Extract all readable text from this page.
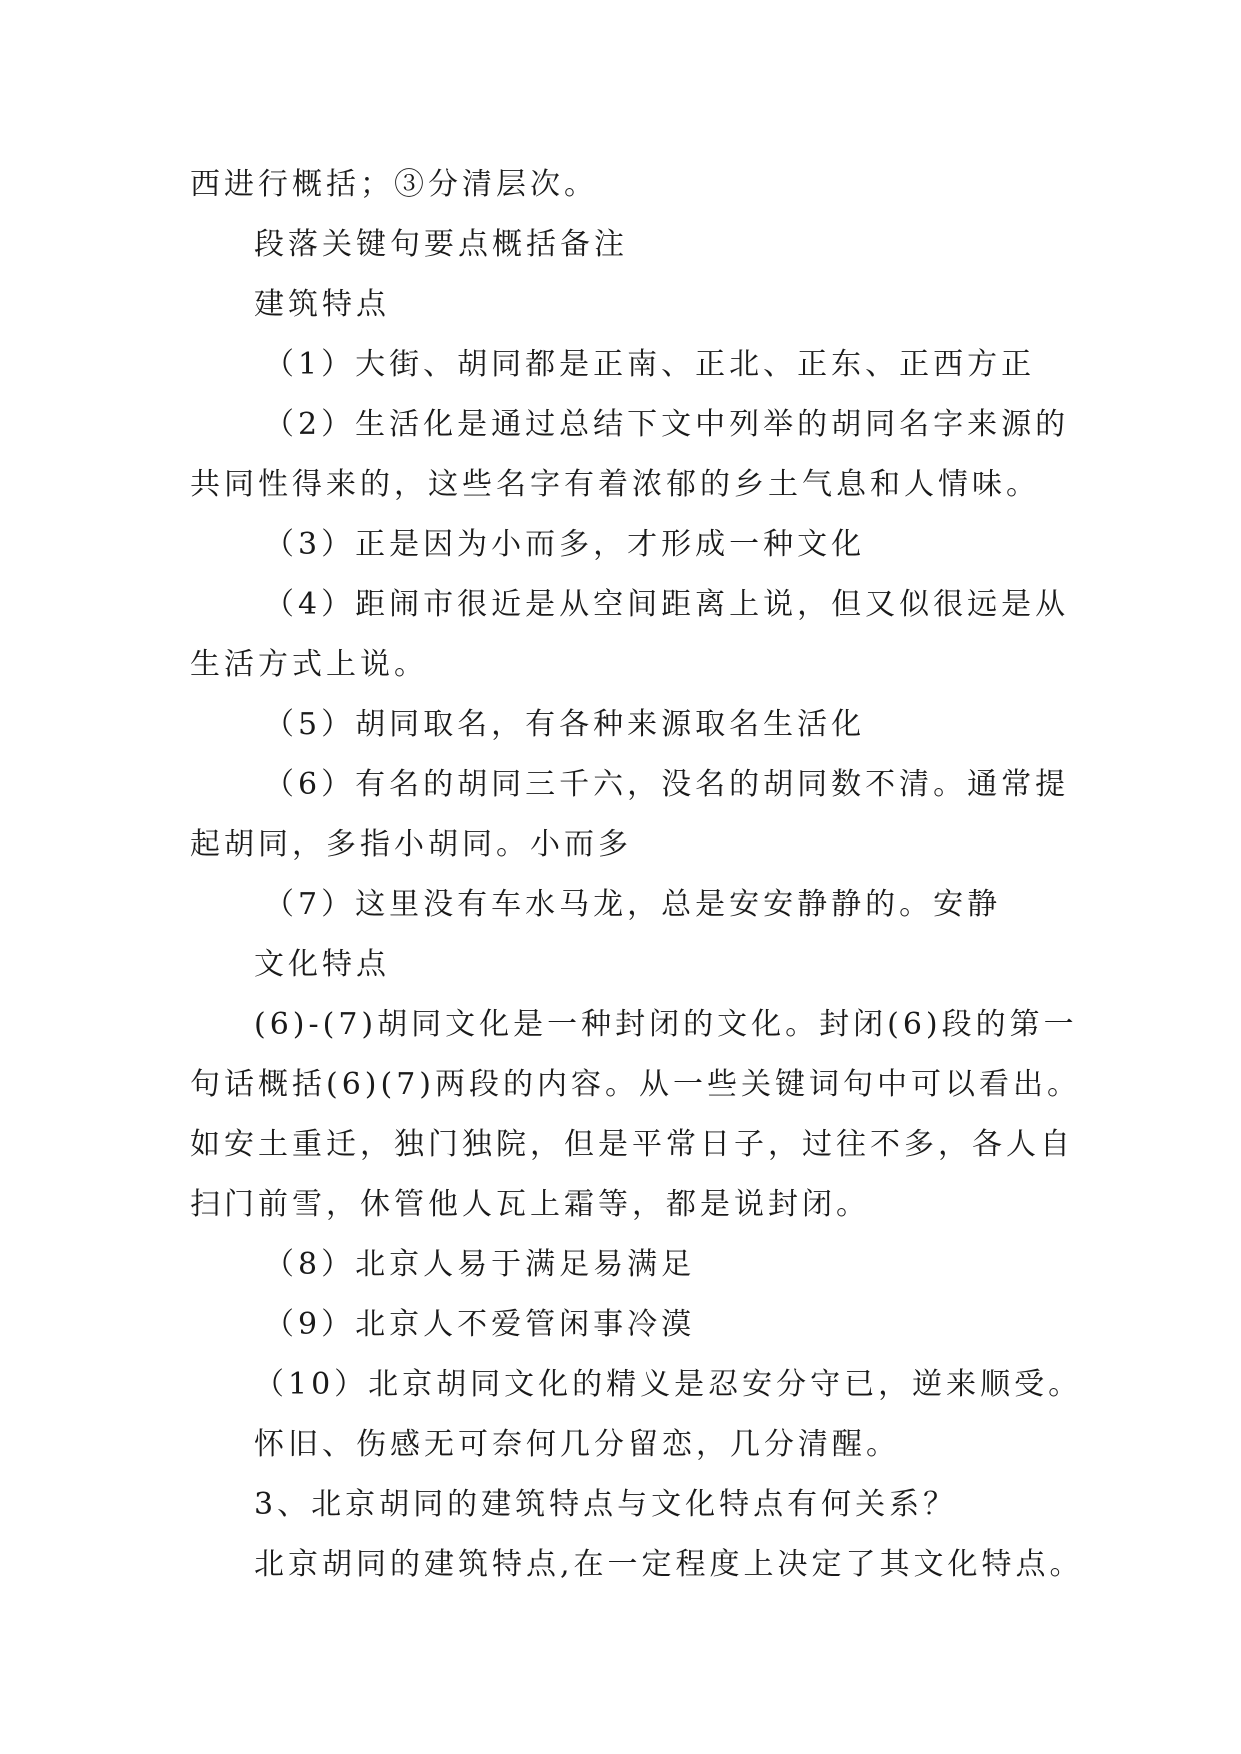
西进行概括；③分清层次。
段落关键句要点概括备注
建筑特点
（1）大街、胡同都是正南、正北、正东、正西方正
（2）生活化是通过总结下文中列举的胡同名字来源的
共同性得来的，这些名字有着浓郁的乡土气息和人情味。
（3）正是因为小而多，才形成一种文化
（4）距闹市很近是从空间距离上说，但又似很远是从
生活方式上说。
（5）胡同取名，有各种来源取名生活化
（6）有名的胡同三千六，没名的胡同数不清。通常提
起胡同，多指小胡同。小而多
（7）这里没有车水马龙，总是安安静静的。安静
文化特点
(6)-(7)胡同文化是一种封闭的文化。封闭(6)段的第一
句话概括(6)(7)两段的内容。从一些关键词句中可以看出。
如安土重迁，独门独院，但是平常日子，过往不多，各人自
扫门前雪，休管他人瓦上霜等，都是说封闭。
（8）北京人易于满足易满足
（9）北京人不爱管闲事冷漠
（10）北京胡同文化的精义是忍安分守已，逆来顺受。
怀旧、伤感无可奈何几分留恋，几分清醒。
3、北京胡同的建筑特点与文化特点有何关系？
北京胡同的建筑特点,在一定程度上决定了其文化特点。
